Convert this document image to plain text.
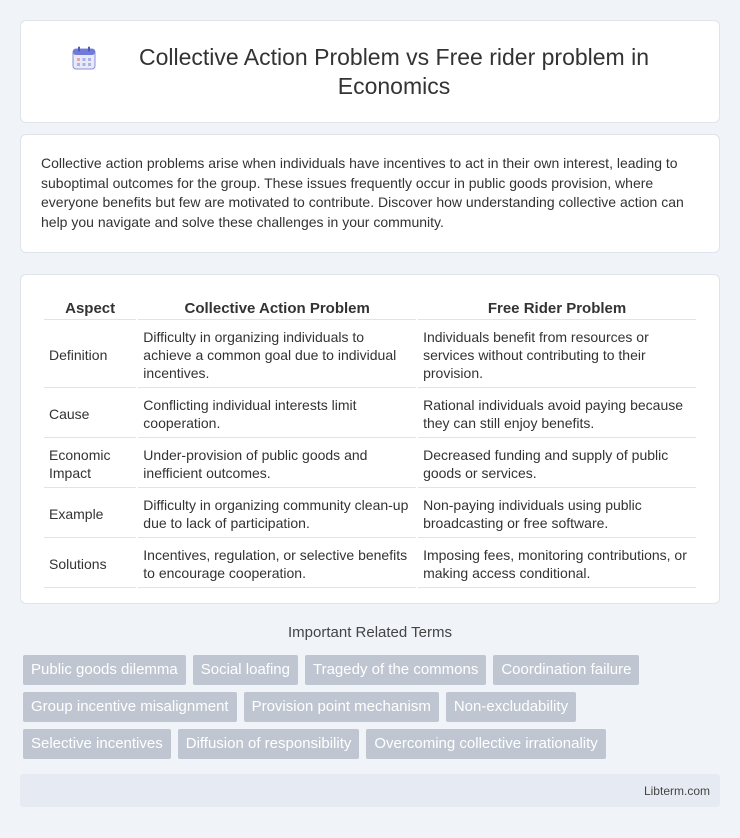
Collective Action Problem vs Free rider problem in Economics

Collective action problems arise when individuals have incentives to act in their own interest, leading to suboptimal outcomes for the group. These issues frequently occur in public goods provision, where everyone benefits but few are motivated to contribute. Discover how understanding collective action can help you navigate and solve these challenges in your community.

Aspect	Collective Action Problem	Free Rider Problem
Definition	Difficulty in organizing individuals to achieve a common goal due to individual incentives.	Individuals benefit from resources or services without contributing to their provision.
Cause	Conflicting individual interests limit cooperation.	Rational individuals avoid paying because they can still enjoy benefits.
Economic Impact	Under-provision of public goods and inefficient outcomes.	Decreased funding and supply of public goods or services.
Example	Difficulty in organizing community clean-up due to lack of participation.	Non-paying individuals using public broadcasting or free software.
Solutions	Incentives, regulation, or selective benefits to encourage cooperation.	Imposing fees, monitoring contributions, or making access conditional.
Important Related Terms
Public goods dilemma	Social loafing	Tragedy of the commons	Coordination failure
Group incentive misalignment	Provision point mechanism	Non-excludability
Selective incentives	Diffusion of responsibility	Overcoming collective irrationality
Libterm.com
